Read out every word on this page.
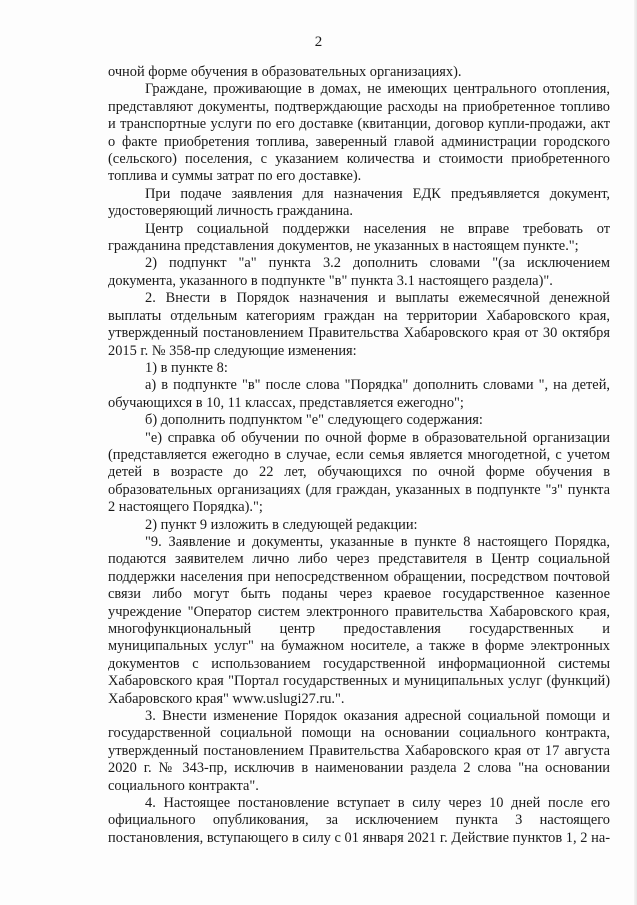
2

очной форме обучения в образовательных организациях).

Граждане, проживающие в домах, не имеющих центрального отопления, представляют документы, подтверждающие расходы на приобретенное топливо и транспортные услуги по его доставке (квитанции, договор купли-продажи, акт о факте приобретения топлива, заверенный главой администрации городского (сельского) поселения, с указанием количества и стоимости приобретенного топлива и суммы затрат по его доставке).

При подаче заявления для назначения ЕДК предъявляется документ, удостоверяющий личность гражданина.

Центр социальной поддержки населения не вправе требовать от гражданина представления документов, не указанных в настоящем пункте.";

2) подпункт "а" пункта 3.2 дополнить словами "(за исключением документа, указанного в подпункте "в" пункта 3.1 настоящего раздела)".

2. Внести в Порядок назначения и выплаты ежемесячной денежной выплаты отдельным категориям граждан на территории Хабаровского края, утвержденный постановлением Правительства Хабаровского края от 30 октября 2015 г. № 358-пр следующие изменения:

1) в пункте 8:

а) в подпункте "в" после слова "Порядка" дополнить словами ", на детей, обучающихся в 10, 11 классах, представляется ежегодно";

б) дополнить подпунктом "е" следующего содержания:

"е) справка об обучении по очной форме в образовательной организации (представляется ежегодно в случае, если семья является многодетной, с учетом детей в возрасте до 22 лет, обучающихся по очной форме обучения в образовательных организациях (для граждан, указанных в подпункте "з" пункта 2 настоящего Порядка).";

2) пункт 9 изложить в следующей редакции:

"9. Заявление и документы, указанные в пункте 8 настоящего Порядка, подаются заявителем лично либо через представителя в Центр социальной поддержки населения при непосредственном обращении, посредством почтовой связи либо могут быть поданы через краевое государственное казенное учреждение "Оператор систем электронного правительства Хабаровского края, многофункциональный центр предоставления государственных и муниципальных услуг" на бумажном носителе, а также в форме электронных документов с использованием государственной информационной системы Хабаровского края "Портал государственных и муниципальных услуг (функций) Хабаровского края" www.uslugi27.ru.".

3. Внести изменение Порядок оказания адресной социальной помощи и государственной социальной помощи на основании социального контракта, утвержденный постановлением Правительства Хабаровского края от 17 августа 2020 г. № 343-пр, исключив в наименовании раздела 2 слова "на основании социального контракта".

4. Настоящее постановление вступает в силу через 10 дней после его официального опубликования, за исключением пункта 3 настоящего постановления, вступающего в силу с 01 января 2021 г. Действие пунктов 1, 2 на-
